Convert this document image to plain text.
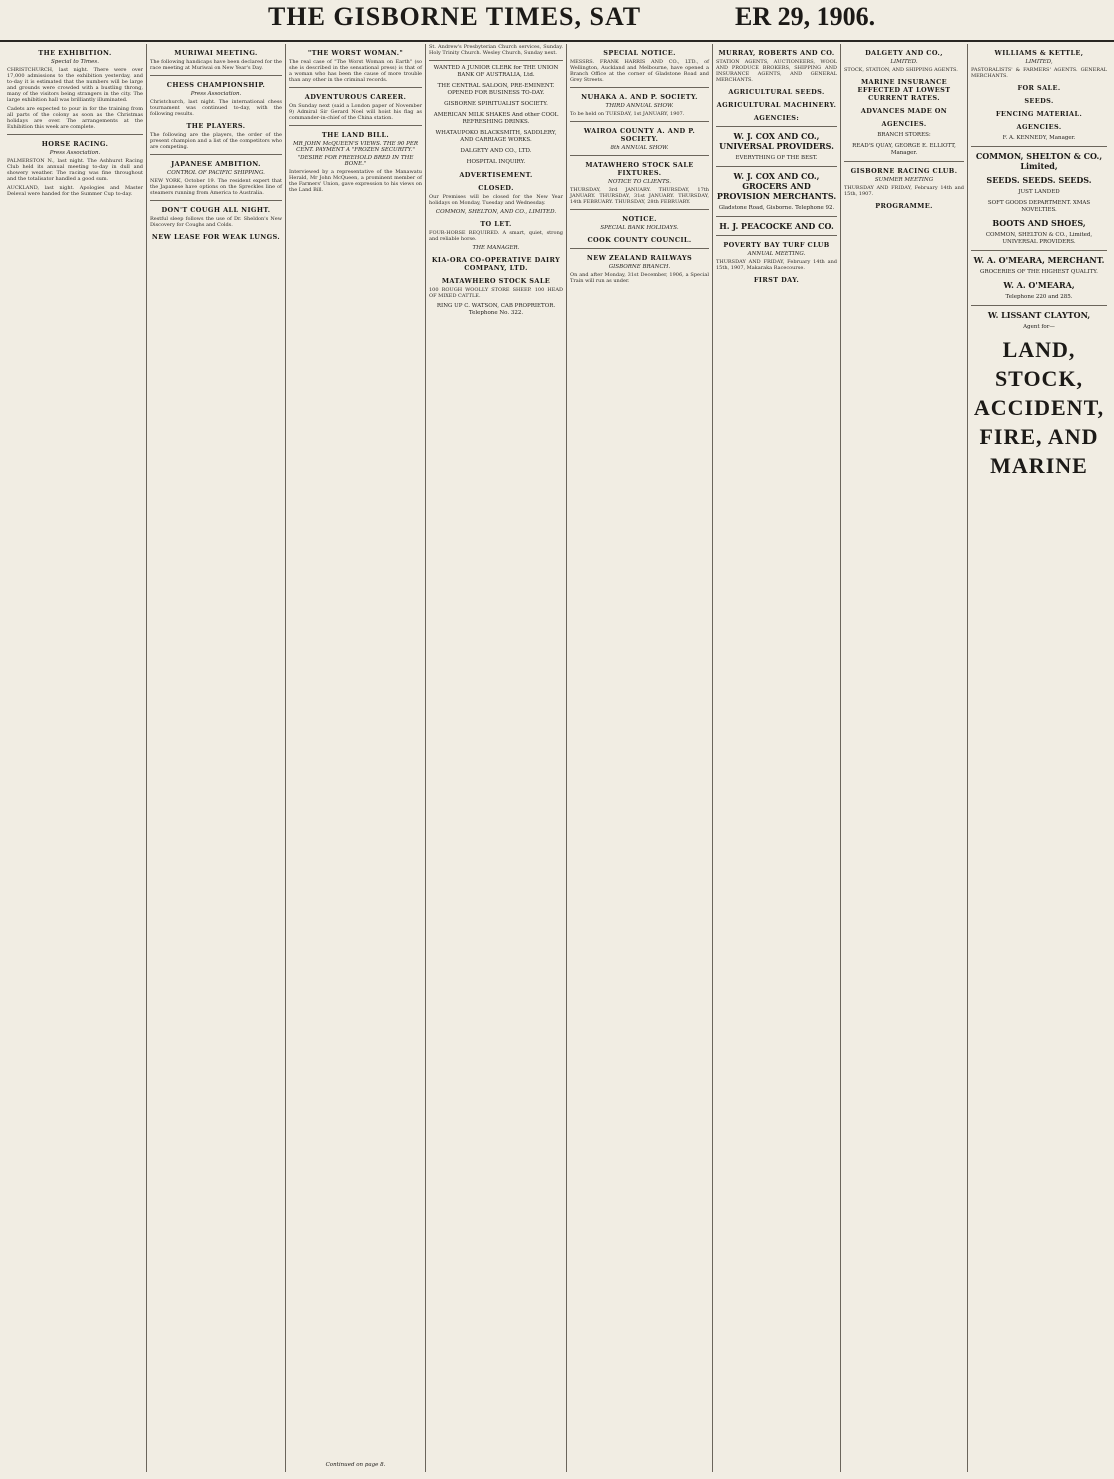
THE GISBORNE TIMES, SAT	ER 29, 1906.
THE EXHIBITION.
Special to Times.

CHRISTCHURCH, last night. There were over 17,000 admissions to the exhibition yesterday, and to-day it is estimated that the numbers will be large and grounds were crowded with a bustling throng, many of the visitors being strangers in the city. The large exhibition hall was brilliantly illuminated.

Cadets are expected to pour in for the training from all parts of the colony as soon as the Christmas holidays are over. The arrangements at the Exhibition this week are complete.

HORSE RACING.
Press Association.

PALMERSTON N., last night. The Ashhurst Racing Club held its annual meeting to-day in dull and showery weather. The racing was fine throughout and the totalisator handled a good sum.

AUCKLAND, last night. Apologies and Master Deleval were handed for the Summer Cup to-day.

MURIWAI MEETING.

The following handicaps have been declared for the race meeting at Muriwai on New Year's Day.

CHESS CHAMPIONSHIP.
Press Association.

Christchurch, last night. The international chess tournament was continued to-day, with the following results.

THE PLAYERS.

The following are the players, the order of the present champion and a list of the competitors who are competing.

JAPANESE AMBITION.
CONTROL OF PACIFIC SHIPPING.

NEW YORK, October 19. The resident expert that the Japanese have options on the Spreckles line of steamers running from America to Australia.

DON'T COUGH ALL NIGHT.

Restful sleep follows the use of Dr. Sheldon's New Discovery for Coughs and Colds.

NEW LEASE FOR WEAK LUNGS.
"THE WORST WOMAN."

The real case of "The Worst Woman on Earth" (so she is described in the sensational press) is that of a woman who has been the cause of more trouble than any other in the criminal records.

ADVENTUROUS CAREER.

On Sunday next (said a London paper of November 9) Admiral Sir Gerard Noel will hoist his flag as commander-in-chief of the China station.

THE LAND BILL.
MR JOHN McQUEEN'S VIEWS. THE 90 PER CENT. PAYMENT A "FROZEN SECURITY."
"DESIRE FOR FREEHOLD BRED IN THE BONE."

Interviewed by a representative of the Manawatu Herald, Mr John McQueen, a prominent member of the Farmers' Union, gave expression to his views on the Land Bill.

Continued on page 8.

St. Andrew's Presbyterian Church services, Sunday. Holy Trinity Church. Wesley Church, Sunday next.

WANTED A JUNIOR CLERK for THE UNION BANK OF AUSTRALIA, Ltd.
THE CENTRAL SALOON, PRE-EMINENT. OPENED FOR BUSINESS TO-DAY.
GISBORNE SPIRITUALIST SOCIETY.
AMERICAN MILK SHAKES And other COOL REFRESHING DRINKS.
WHATAUPOKO BLACKSMITH, SADDLERY, AND CARRIAGE WORKS.
DALGETY AND CO., LTD.
HOSPITAL INQUIRY.
ADVERTISEMENT.
CLOSED.

Our Premises will be closed for the New Year holidays on Monday, Tuesday and Wednesday.

COMMON, SHELTON, AND CO., LIMITED.
TO LET.

FOUR-HORSE REQUIRED. A smart, quiet, strong and reliable horse.

THE MANAGER.
KIA-ORA CO-OPERATIVE DAIRY COMPANY, LTD.
MATAWHERO STOCK SALE

100 ROUGH WOOLLY STORE SHEEP. 100 HEAD OF MIXED CATTLE.

RING UP C. WATSON, CAB PROPRIETOR. Telephone No. 322.
SPECIAL NOTICE.

MESSRS. FRANK HARRIS AND CO., LTD., of Wellington, Auckland and Melbourne, have opened a Branch Office at the corner of Gladstone Road and Grey Streets.

NUHAKA A. AND P. SOCIETY.
THIRD ANNUAL SHOW.

To be held on TUESDAY, 1st JANUARY, 1907.

WAIROA COUNTY A. AND P. SOCIETY.
8th ANNUAL SHOW.
MATAWHERO STOCK SALE FIXTURES.
NOTICE TO CLIENTS.

THURSDAY, 3rd JANUARY. THURSDAY, 17th JANUARY. THURSDAY, 31st JANUARY. THURSDAY, 14th FEBRUARY. THURSDAY, 28th FEBRUARY.

NOTICE.
SPECIAL BANK HOLIDAYS.
COOK COUNTY COUNCIL.
NEW ZEALAND RAILWAYS
GISBORNE BRANCH.

On and after Monday, 31st December, 1906, a Special Train will run as under.

MURRAY, ROBERTS AND CO.

STATION AGENTS, AUCTIONEERS, WOOL AND PRODUCE BROKERS, SHIPPING AND INSURANCE AGENTS, AND GENERAL MERCHANTS.

AGRICULTURAL SEEDS.
AGRICULTURAL MACHINERY.
AGENCIES:
W. J. COX AND CO., UNIVERSAL PROVIDERS.
EVERYTHING OF THE BEST.
W. J. COX AND CO., GROCERS AND PROVISION MERCHANTS.
Gladstone Road, Gisborne. Telephone 92.
H. J. PEACOCKE AND CO.
POVERTY BAY TURF CLUB
ANNUAL MEETING.

THURSDAY AND FRIDAY, February 14th and 15th, 1907, Makaraka Racecourse.

FIRST DAY.
DALGETY AND CO.,
LIMITED.

STOCK, STATION, AND SHIPPING AGENTS.

MARINE INSURANCE EFFECTED AT LOWEST CURRENT RATES.
ADVANCES MADE ON
AGENCIES.
BRANCH STORES:
READ'S QUAY, GEORGE E. ELLIOTT, Manager.
GISBORNE RACING CLUB.
SUMMER MEETING

THURSDAY AND FRIDAY, February 14th and 15th, 1907.

PROGRAMME.
WILLIAMS & KETTLE,
LIMITED,

PASTORALISTS' & FARMERS' AGENTS. GENERAL MERCHANTS.

FOR SALE.
SEEDS.
FENCING MATERIAL.
AGENCIES.
F. A. KENNEDY, Manager.
COMMON, SHELTON & CO., Limited,
SEEDS. SEEDS. SEEDS.
JUST LANDED
SOFT GOODS DEPARTMENT. XMAS NOVELTIES.
BOOTS AND SHOES,
COMMON, SHELTON & CO., Limited, UNIVERSAL PROVIDERS.
W. A. O'MEARA, MERCHANT.
GROCERIES OF THE HIGHEST QUALITY.
W. A. O'MEARA,
Telephone 220 and 285.
W. LISSANT CLAYTON,
Agent for—
LAND,
STOCK,
ACCIDENT,
FIRE, AND
MARINE
